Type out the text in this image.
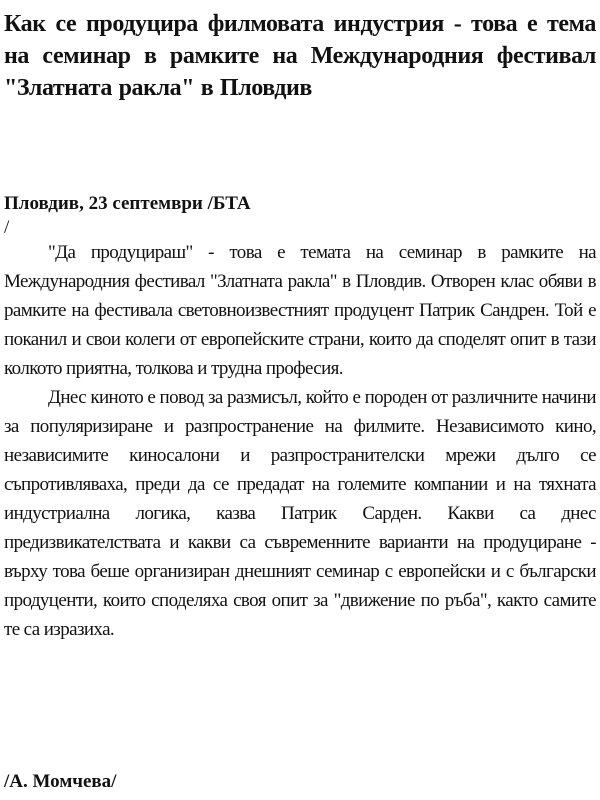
Как се продуцира филмовата индустрия - това е тема на семинар в рамките на Международния фестивал "Златната ракла" в Пловдив

Пловдив, 23 септември /БТА

/

"Да продуцираш" - това е темата на семинар в рамките на Международния фестивал "Златната ракла" в Пловдив. Отворен клас обяви в рамките на фестивала световноизвестният продуцент Патрик Сандрен. Той е поканил и свои колеги от европейските страни, които да споделят опит в тази колкото приятна, толкова и трудна професия.

Днес киното е повод за размисъл, който е породен от различните начини за популяризиране и разпространение на филмите. Независимото кино, независимите киносалони и разпространителски мрежи дълго се съпротивляваха, преди да се предадат на големите компании и на тяхната индустриална логика, казва Патрик Сарден. Какви са днес предизвикателствата и какви са съвременните варианти на продуциране - върху това беше организиран днешният семинар с европейски и с български продуценти, които споделяха своя опит за "движение по ръба", както самите те са изразиха.

/А. Момчева/
